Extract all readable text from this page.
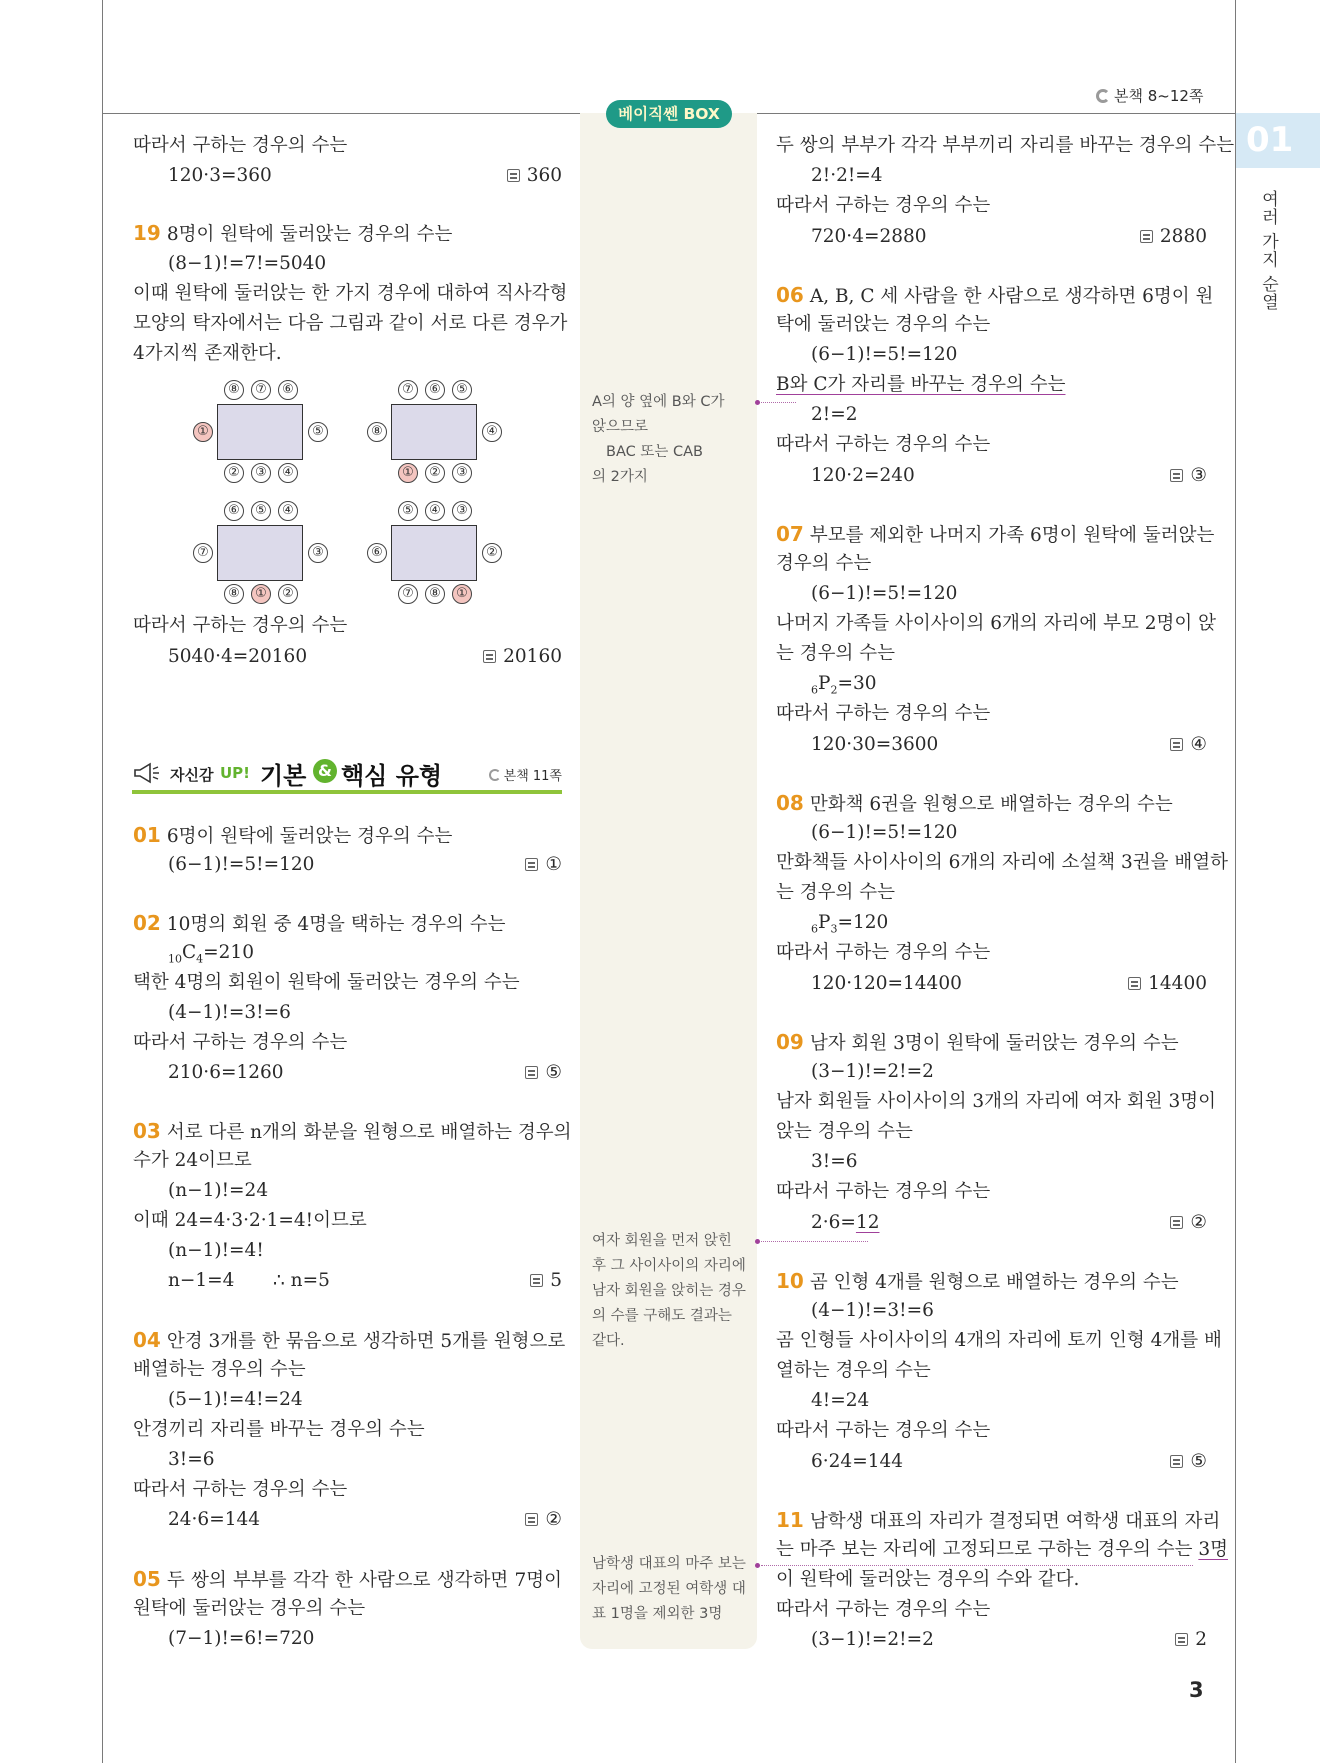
본책 8~12쪽
01
여러 가지 순열
베이직쎈 BOX
따라서 구하는 경우의 수는
120·3=360	360
19 8명이 원탁에 둘러앉는 경우의 수는
(8−1)!=7!=5040
이때 원탁에 둘러앉는 한 가지 경우에 대하여 직사각형
모양의 탁자에서는 다음 그림과 같이 서로 다른 경우가
4가지씩 존재한다.
⑧	⑦	⑥
②	③	④
①	⑤
⑦	⑥	⑤
①	②	③
⑧	④
⑥	⑤	④
⑧	①	②
⑦	③
⑤	④	③
⑦	⑧	①
⑥	②
따라서 구하는 경우의 수는
5040·4=20160	20160
자신감 UP! 기본 & 핵심 유형	본책 11쪽
01 6명이 원탁에 둘러앉는 경우의 수는
(6−1)!=5!=120	①
02 10명의 회원 중 4명을 택하는 경우의 수는
$_{10}C_4=210$
택한 4명의 회원이 원탁에 둘러앉는 경우의 수는
(4−1)!=3!=6
따라서 구하는 경우의 수는
210·6=1260	⑤
03 서로 다른 n개의 화분을 원형으로 배열하는 경우의
수가 24이므로
(n−1)!=24
이때 24=4·3·2·1=4!이므로
(n−1)!=4!
n−1=4 ∴ n=5	5
04 안경 3개를 한 묶음으로 생각하면 5개를 원형으로
배열하는 경우의 수는
(5−1)!=4!=24
안경끼리 자리를 바꾸는 경우의 수는
3!=6
따라서 구하는 경우의 수는
24·6=144	②
05 두 쌍의 부부를 각각 한 사람으로 생각하면 7명이
원탁에 둘러앉는 경우의 수는
(7−1)!=6!=720
A의 양 옆에 B와 C가
앉으므로
BAC 또는 CAB
의 2가지
여자 회원을 먼저 앉힌
후 그 사이사이의 자리에
남자 회원을 앉히는 경우
의 수를 구해도 결과는
같다.
남학생 대표의 마주 보는
자리에 고정된 여학생 대
표 1명을 제외한 3명
두 쌍의 부부가 각각 부부끼리 자리를 바꾸는 경우의 수는
2!·2!=4
따라서 구하는 경우의 수는
720·4=2880	2880
06 A, B, C 세 사람을 한 사람으로 생각하면 6명이 원
탁에 둘러앉는 경우의 수는
(6−1)!=5!=120
B와 C가 자리를 바꾸는 경우의 수는
2!=2
따라서 구하는 경우의 수는
120·2=240	③
07 부모를 제외한 나머지 가족 6명이 원탁에 둘러앉는
경우의 수는
(6−1)!=5!=120
나머지 가족들 사이사이의 6개의 자리에 부모 2명이 앉
는 경우의 수는
$_6P_2=30$
따라서 구하는 경우의 수는
120·30=3600	④
08 만화책 6권을 원형으로 배열하는 경우의 수는
(6−1)!=5!=120
만화책들 사이사이의 6개의 자리에 소설책 3권을 배열하
는 경우의 수는
$_6P_3=120$
따라서 구하는 경우의 수는
120·120=14400	14400
09 남자 회원 3명이 원탁에 둘러앉는 경우의 수는
(3−1)!=2!=2
남자 회원들 사이사이의 3개의 자리에 여자 회원 3명이
앉는 경우의 수는
3!=6
따라서 구하는 경우의 수는
2·6=12	②
10 곰 인형 4개를 원형으로 배열하는 경우의 수는
(4−1)!=3!=6
곰 인형들 사이사이의 4개의 자리에 토끼 인형 4개를 배
열하는 경우의 수는
4!=24
따라서 구하는 경우의 수는
6·24=144	⑤
11 남학생 대표의 자리가 결정되면 여학생 대표의 자리
는 마주 보는 자리에 고정되므로 구하는 경우의 수는 3명
이 원탁에 둘러앉는 경우의 수와 같다.
따라서 구하는 경우의 수는
(3−1)!=2!=2	2
3
